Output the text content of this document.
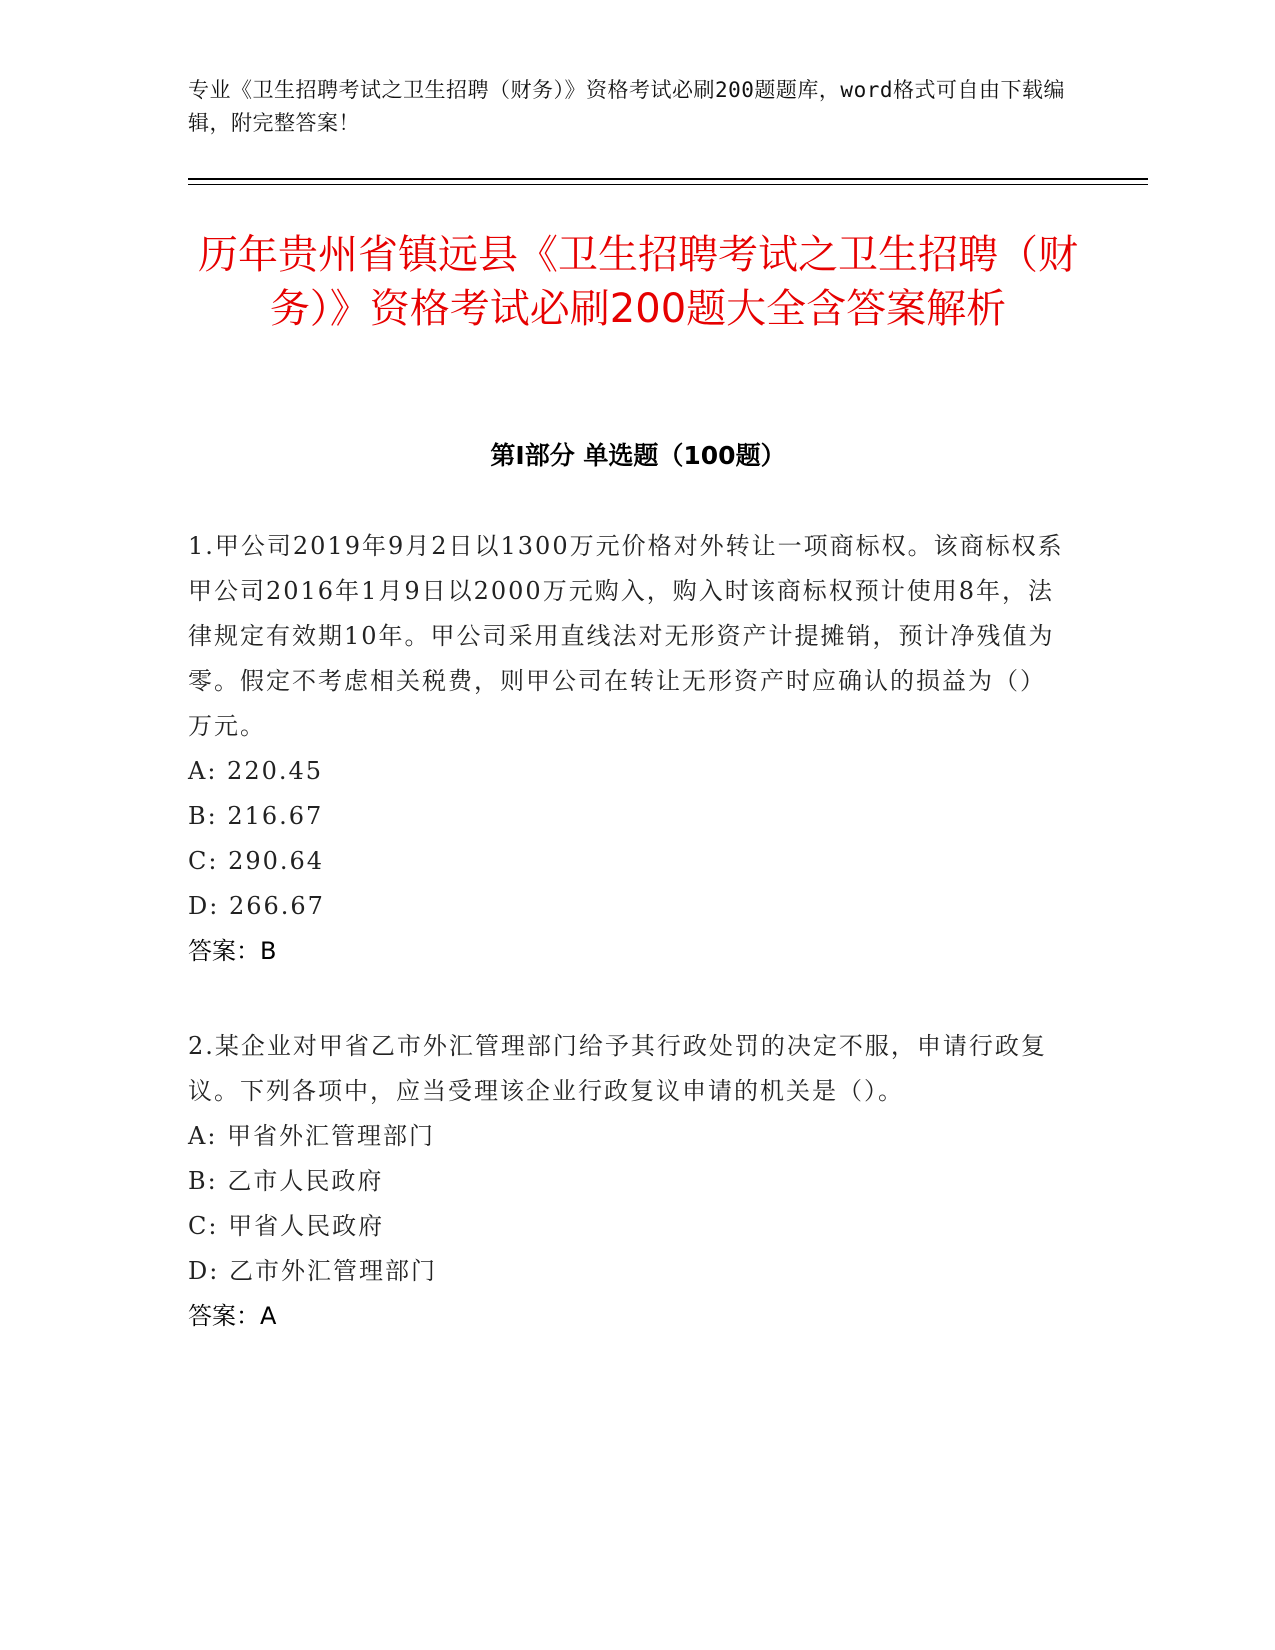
专业《卫生招聘考试之卫生招聘（财务）》资格考试必刷200题题库，word格式可自由下载编辑，附完整答案！
历年贵州省镇远县《卫生招聘考试之卫生招聘（财务）》资格考试必刷200题大全含答案解析
第I部分 单选题（100题）

1.甲公司2019年9月2日以1300万元价格对外转让一项商标权。该商标权系甲公司2016年1月9日以2000万元购入，购入时该商标权预计使用8年，法律规定有效期10年。甲公司采用直线法对无形资产计提摊销，预计净残值为零。假定不考虑相关税费，则甲公司在转让无形资产时应确认的损益为（）万元。

A: 220.45

B: 216.67

C: 290.64

D: 266.67

答案：B

2.某企业对甲省乙市外汇管理部门给予其行政处罚的决定不服，申请行政复议。下列各项中，应当受理该企业行政复议申请的机关是（）。

A: 甲省外汇管理部门

B: 乙市人民政府

C: 甲省人民政府

D: 乙市外汇管理部门

答案：A
